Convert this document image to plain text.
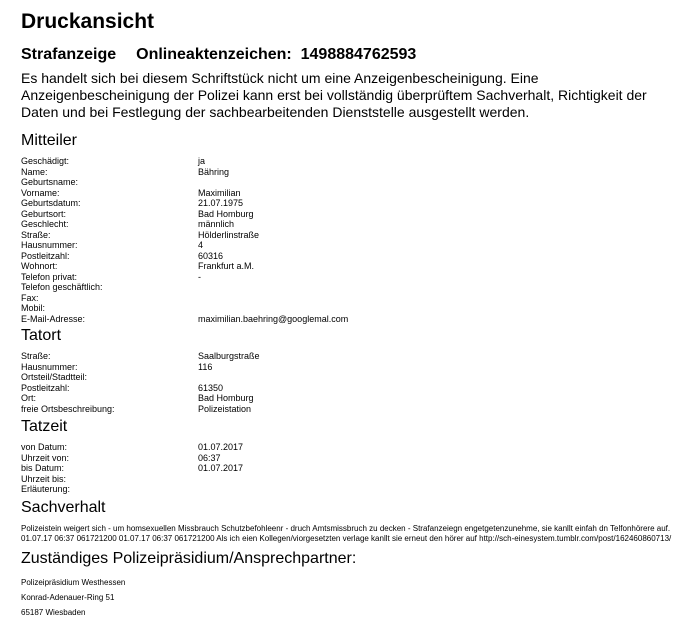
Druckansicht
Strafanzeige Onlineaktenzeichen: 1498884762593

Es handelt sich bei diesem Schriftstück nicht um eine Anzeigenbescheinigung. Eine Anzeigenbescheinigung der Polizei kann erst bei vollständig überprüftem Sachverhalt, Richtigkeit der Daten und bei Festlegung der sachbearbeitenden Dienststelle ausgestellt werden.

Mitteiler
Geschädigt:	ja
Name:	Bähring
Geburtsname:	
Vorname:	Maximilian
Geburtsdatum:	21.07.1975
Geburtsort:	Bad Homburg
Geschlecht:	männlich
Straße:	Hölderlinstraße
Hausnummer:	4
Postleitzahl:	60316
Wohnort:	Frankfurt a.M.
Telefon privat:	-
Telefon geschäftlich:	
Fax:	
Mobil:	
E-Mail-Adresse:	maximilian.baehring@googlemal.com
Tatort
Straße:	Saalburgstraße
Hausnummer:	116
Ortsteil/Stadtteil:	
Postleitzahl:	61350
Ort:	Bad Homburg
freie Ortsbeschreibung:	Polizeistation
Tatzeit
von Datum:	01.07.2017
Uhrzeit von:	06:37
bis Datum:	01.07.2017
Uhrzeit bis:	
Erläuterung:	
Sachverhalt
Polizeistein weigert sich - um homsexuellen Missbrauch Schutzbefohleenr - druch Amtsmissbruch zu decken - Strafanzeiegn engetgetenzunehme, sie kanllt einfah dn Telfonhörere auf. 01.07.17 06:37 061721200 01.07.17 06:37 061721200 Als ich eien Kollegen/viorgesetzten verlage kanllt sie erneut den hörer auf http://sch-einesystem.tumblr.com/post/162460860713/
Zuständiges Polizeipräsidium/Ansprechpartner:
Polizeipräsidium Westhessen
Konrad-Adenauer-Ring 51
65187 Wiesbaden
